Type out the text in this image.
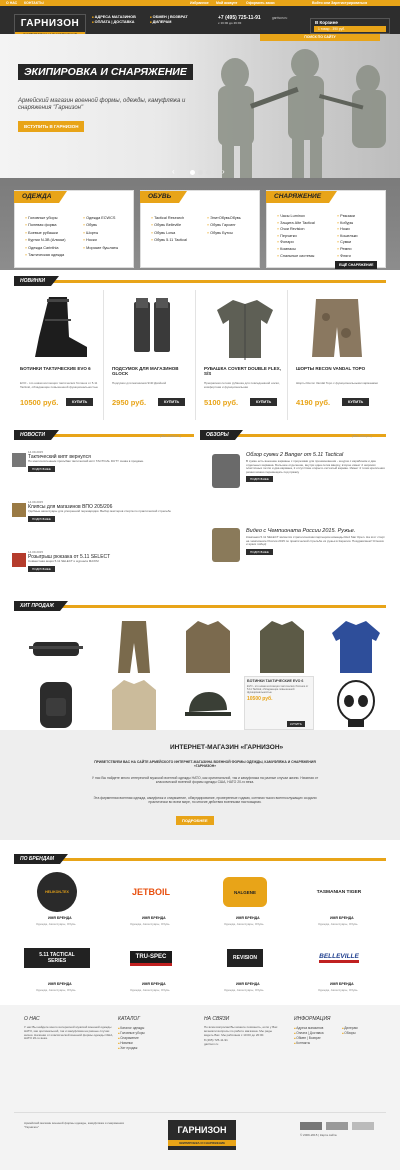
О НАС КОНТАКТЫ	Избранное Мой аккаунт Оформить заказ	Войти или Зарегистрироваться
ГАРНИЗОН
■ АДРЕСА МАГАЗИНОВ
■ ОПЛАТА | ДОСТАВКА
■ ОБМЕН | ВОЗВРАТ
■ ДИЛЕРАМ
+7 (495) 725-11-91
с 10:00 до 20:00
garrison.ru
В Корзине
1 товар - 390 руб.
ПОИСК ПО САЙТУ
ЭКИПИРОВКА И СНАРЯЖЕНИЕ
Армейский магазин военной формы, одежды, камуфляжа и снаряжения "Гарнизон"
ВСТУПИТЬ В ГАРНИЗОН
‹	›
ОДЕЖДА
» Головные уборы
» Полевая форма
» Боевые рубашки
» Куртки N-3B (Аляски)
» Одежда Carinthia
» Тактическая одежда
» Одежда ECWCS
» Обувь
» Шорты
» Носки
» Морские бушлаты
ОБУВЬ
» Tactical Research
» Обувь Belleville
» Обувь Lowa
» Обувь 5.11 Tactical
» ЭлитОбувьОбувь
» Обувь Гарсинг
» Обувь Бутсы
СНАРЯЖЕНИЕ
» Часы Luminox
» Защита Alte Tactical
» Очки Revision
» Перчатки
» Фонари
» Компасы
» Спальные системы
» Рюкзаки
» Кобуры
» Ножи
» Кошельки
» Сумки
» Ремни
» Фляги
ЕЩЁ СНАРЯЖЕНИЕ
НОВИНКИ
БОТИНКИ ТАКТИЧЕСКИЕ EVO 6
EVO - это новая коллекция тактических ботинок от 5.11 Tactical, обладающие повышенной функциональностью
10500 руб.	КУПИТЬ
ПОДСУМОК ДЛЯ МАГАЗИНОВ GLOCK
Подсумок для магазинов 9/40 Двойной
2950 руб.	КУПИТЬ
РУБАШКА COVERT DOUBLE FLEX, S/S
Прекрасная летняя рубашка для повседневной носки, комфортная и функциональная
5100 руб.	КУПИТЬ
ШОРТЫ RECON VANDAL TOPO
Шорты Recon Vandal Topo с функциональными карманами
4190 руб.	КУПИТЬ
НОВОСТИ	[ Все новости ]	ОБЗОРЫ	[ Все обзоры ]
14.09.2015
Тактический кипт вернулся
По многочисленным просьбам тактический кипт TACTICAL DUTY снова в продаже.
ПОДРОБНЕЕ
14.09.2015
Клипсы для магазинов ВПО 205/206
Удобные аксессуары для ускоренной перезарядки. Выбор мастеров спорта по практической стрельбе
ПОДРОБНЕЕ
14.09.2015
Розыгрыш рюкзака от 5.11 SELECT
Совместная акция 5.11 SELECT и журнала MAXIM
ПОДРОБНЕЕ
Обзор сумки 2 Banger от 5.11 Tactical
В сумке есть внешние карманы с прорезями для проникновения - шнурок с карабином и два отдельных кармана. Большое отделение, внутри одна сетка вверху, второе имеет 2 широких эластичных петли и два кармана, 2 отсутствие открыто-сетчатый карман. Имеет 4 точки крепления ремня можно перемещать под пряжку
ПОДРОБНЕЕ
Видео с Чемпионата России 2015. Ружье.
Компания 5.11 SELECT является стратегическим партнером команды Red Star Open. На этот старт на чемпионате России 2015 по практической стрельбе из ружья в Карелии. Поздравляем! Успехов и ярких побед!
ПОДРОБНЕЕ
ХИТ ПРОДАЖ
БОТИНКИ ТАКТИЧЕСКИЕ EVO 6
EVO - это новая коллекция тактических ботинок от 5.11 Tactical, обладающие повышенной функциональностью
10500 руб.
КУПИТЬ
ИНТЕРНЕТ-МАГАЗИН «ГАРНИЗОН»
ПРИВЕТСТВУЕМ ВАС НА САЙТЕ АРМЕЙСКОГО ИНТЕРНЕТ-МАГАЗИНА ВОЕННОЙ ФОРМЫ ОДЕЖДЫ, КАМУФЛЯЖА И СНАРЯЖЕНИЯ «ГАРНИЗОН»
У нас Вы найдете много интересной мужской военной одежды НАТО, как оригинальной, так и камуфляжа на разные случаи жизни. Начиная от классической военной формы одежды США, НАТО 20-го века.
Эта фирменная военная одежда, камуфляж и снаряжение, обмундирование, проверенные годами, сотнями тысяч военнослужащих создали практически во всем мире, но многие действия военными настоящими.
ПОДРОБНЕЕ
ПО БРЕНДАМ
HELIKON-TEX
ИМЯ БРЕНДА
Одежда, Аксессуары, Обувь
JETBOIL
ИМЯ БРЕНДА
Одежда, Аксессуары, Обувь
NALGENE
ИМЯ БРЕНДА
Одежда, Аксессуары, Обувь
TASMANIAN TIGER
ИМЯ БРЕНДА
Одежда, Аксессуары, Обувь
5.11 TACTICAL SERIES
ИМЯ БРЕНДА
Одежда, Аксессуары, Обувь
TRU-SPEC
ИМЯ БРЕНДА
Одежда, Аксессуары, Обувь
REVISION
ИМЯ БРЕНДА
Одежда, Аксессуары, Обувь
BELLEVILLE
ИМЯ БРЕНДА
Одежда, Аксессуары, Обувь
О НАС
У нас Вы найдете много интересной мужской военной одежды НАТО, как оригинальной, так и камуфляжа на разные случаи жизни. Начиная от классической военной формы одежды США, НАТО 20-го века.
КАТАЛОГ
■ Каталог одежды
■ Головные уборы
■ Снаряжение
■ Новинки
■ Хит продаж
НА СВЯЗИ
По всем вопросам Вы можете позвонить, если у Вас возникли вопросы по работе магазина. Мы рады видеть Вас. Мы работаем с 10:00 до 20:00.
8 (495) 725-11-91
garrison.ru
ИНФОРМАЦИЯ
■ Адреса магазинов
■ Оплата | Доставка
■ Обмен | Возврат
■ Контакты
■ Дилерам
■ Обзоры
Армейский магазин военной формы одежды, камуфляжа и снаряжения "Гарнизон"	ГАРНИЗОН
ЭКИПИРОВКА И СНАРЯЖЕНИЕ
© 2009-2015 | Карта сайта
